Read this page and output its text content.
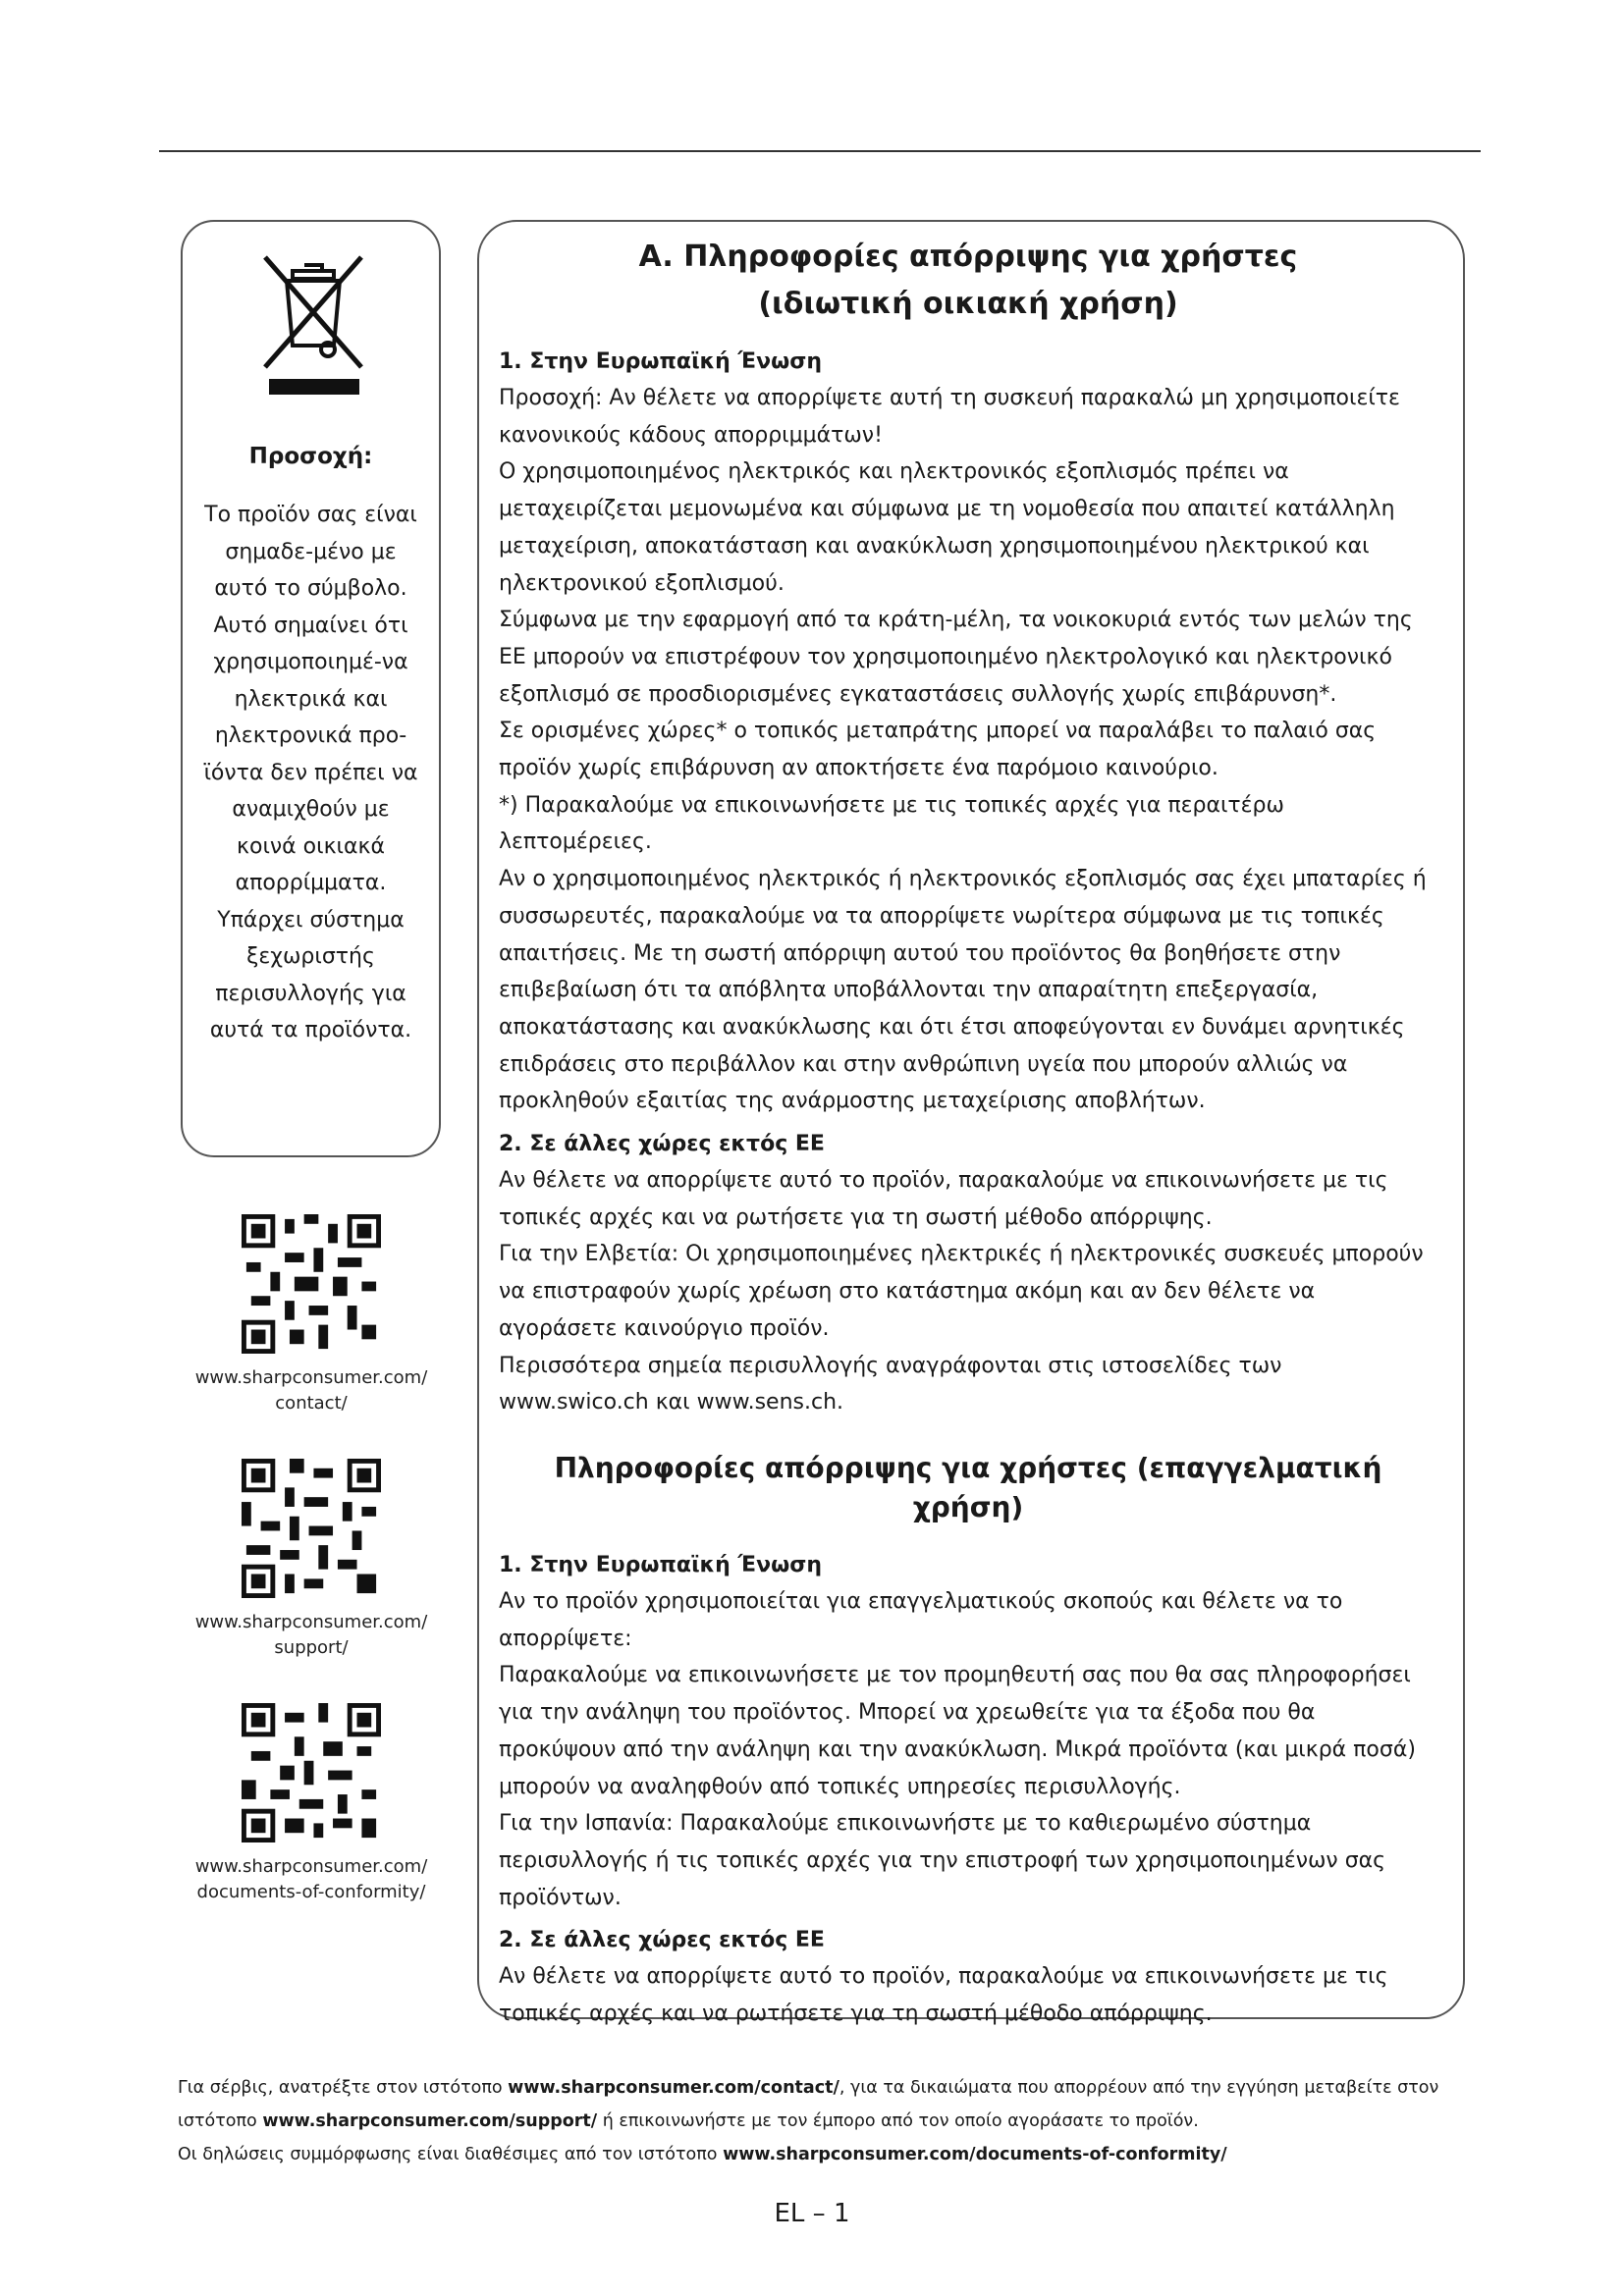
Προσοχή:
Το προϊόν σας είναι σημαδε-μένο με αυτό το σύμβολο. Αυτό σημαίνει ότι χρησιμοποιημέ-να ηλεκτρικά και ηλεκτρονικά προ-ϊόντα δεν πρέπει να αναμιχθούν με κοινά οικιακά απορρίμματα. Υπάρχει σύστημα ξεχωριστής περισυλλογής για αυτά τα προϊόντα.
www.sharpconsumer.com/
contact/
www.sharpconsumer.com/
support/
www.sharpconsumer.com/
documents-of-conformity/
A. Πληροφορίες απόρριψης για χρήστες
(ιδιωτική οικιακή χρήση)
1. Στην Ευρωπαϊκή Ένωση
Προσοχή: Αν θέλετε να απορρίψετε αυτή τη συσκευή παρακαλώ μη χρησιμοποιείτε κανονικούς κάδους απορριμμάτων!
Ο χρησιμοποιημένος ηλεκτρικός και ηλεκτρονικός εξοπλισμός πρέπει να μεταχειρίζεται μεμονωμένα και σύμφωνα με τη νομοθεσία που απαιτεί κατάλληλη μεταχείριση, αποκατάσταση και ανακύκλωση χρησιμοποιημένου ηλεκτρικού και ηλεκτρονικού εξοπλισμού.
Σύμφωνα με την εφαρμογή από τα κράτη-μέλη, τα νοικοκυριά εντός των μελών της ΕΕ μπορούν να επιστρέφουν τον χρησιμοποιημένο ηλεκτρολογικό και ηλεκτρονικό εξοπλισμό σε προσδιορισμένες εγκαταστάσεις συλλογής χωρίς επιβάρυνση*.
Σε ορισμένες χώρες* ο τοπικός μεταπράτης μπορεί να παραλάβει το παλαιό σας προϊόν χωρίς επιβάρυνση αν αποκτήσετε ένα παρόμοιο καινούριο.
*) Παρακαλούμε να επικοινωνήσετε με τις τοπικές αρχές για περαιτέρω λεπτομέρειες.
Αν ο χρησιμοποιημένος ηλεκτρικός ή ηλεκτρονικός εξοπλισμός σας έχει μπαταρίες ή συσσωρευτές, παρακαλούμε να τα απορρίψετε νωρίτερα σύμφωνα με τις τοπικές απαιτήσεις. Με τη σωστή απόρριψη αυτού του προϊόντος θα βοηθήσετε στην επιβεβαίωση ότι τα απόβλητα υποβάλλονται την απαραίτητη επεξεργασία, αποκατάστασης και ανακύκλωσης και ότι έτσι αποφεύγονται εν δυνάμει αρνητικές επιδράσεις στο περιβάλλον και στην ανθρώπινη υγεία που μπορούν αλλιώς να προκληθούν εξαιτίας της ανάρμοστης μεταχείρισης αποβλήτων.
2. Σε άλλες χώρες εκτός ΕΕ
Αν θέλετε να απορρίψετε αυτό το προϊόν, παρακαλούμε να επικοινωνήσετε με τις τοπικές αρχές και να ρωτήσετε για τη σωστή μέθοδο απόρριψης.
Για την Ελβετία: Οι χρησιμοποιημένες ηλεκτρικές ή ηλεκτρονικές συσκευές μπορούν να επιστραφούν χωρίς χρέωση στο κατάστημα ακόμη και αν δεν θέλετε να αγοράσετε καινούργιο προϊόν.
Περισσότερα σημεία περισυλλογής αναγράφονται στις ιστοσελίδες των www.swico.ch και www.sens.ch.
Πληροφορίες απόρριψης για χρήστες (επαγγελματική χρήση)
1. Στην Ευρωπαϊκή Ένωση
Αν το προϊόν χρησιμοποιείται για επαγγελματικούς σκοπούς και θέλετε να το απορρίψετε:
Παρακαλούμε να επικοινωνήσετε με τον προμηθευτή σας που θα σας πληροφορήσει για την ανάληψη του προϊόντος. Μπορεί να χρεωθείτε για τα έξοδα που θα προκύψουν από την ανάληψη και την ανακύκλωση. Μικρά προϊόντα (και μικρά ποσά) μπορούν να αναληφθούν από τοπικές υπηρεσίες περισυλλογής.
Για την Ισπανία: Παρακαλούμε επικοινωνήστε με το καθιερωμένο σύστημα περισυλλογής ή τις τοπικές αρχές για την επιστροφή των χρησιμοποιημένων σας προϊόντων.
2. Σε άλλες χώρες εκτός ΕΕ
Αν θέλετε να απορρίψετε αυτό το προϊόν, παρακαλούμε να επικοινωνήσετε με τις τοπικές αρχές και να ρωτήσετε για τη σωστή μέθοδο απόρριψης.
Για σέρβις, ανατρέξτε στον ιστότοπο www.sharpconsumer.com/contact/, για τα δικαιώματα που απορρέουν από την εγγύηση μεταβείτε στον ιστότοπο www.sharpconsumer.com/support/ ή επικοινωνήστε με τον έμπορο από τον οποίο αγοράσατε το προϊόν.
Οι δηλώσεις συμμόρφωσης είναι διαθέσιμες από τον ιστότοπο www.sharpconsumer.com/documents-of-conformity/
EL – 1
